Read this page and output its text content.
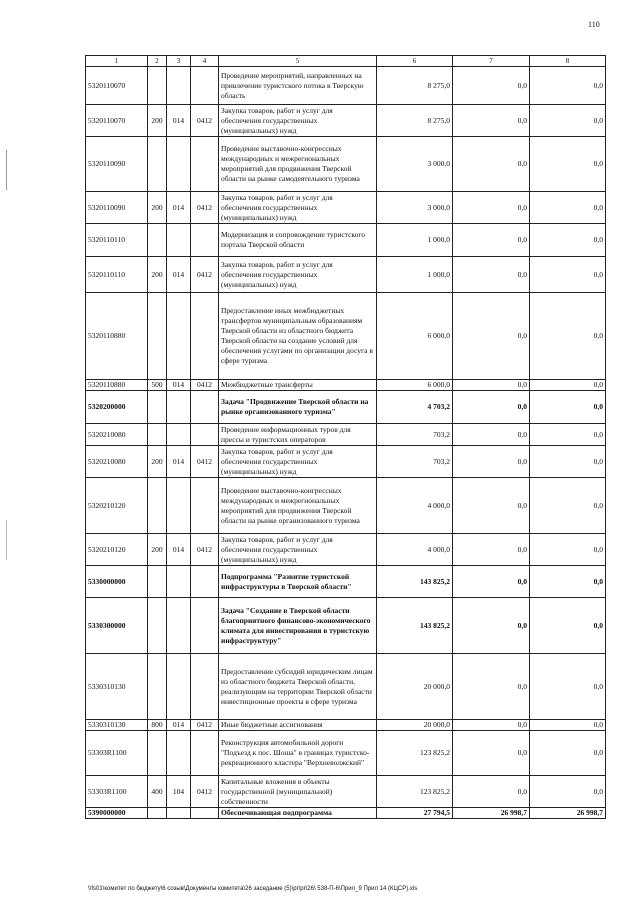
110
1	2	3	4	5	6	7	8
5320110070				Проведение мероприятий, направленных на привлечение туристского потока в Тверскую область	8 275,0	0,0	0,0
5320110070	200	014	0412	Закупка товаров, работ и услуг для обеспечения государственных (муниципальных) нужд	8 275,0	0,0	0,0
5320110090				Проведение выставочно-конгрессных международных и межрегиональных мероприятий для продвижения Тверской области на рынке самодеятельного туризма	3 000,0	0,0	0,0
5320110090	200	014	0412	Закупка товаров, работ и услуг для обеспечения государственных (муниципальных) нужд	3 000,0	0,0	0,0
5320110110				Модернизация и сопровождение туристского портала Тверской области	1 000,0	0,0	0,0
5320110110	200	014	0412	Закупка товаров, работ и услуг для обеспечения государственных (муниципальных) нужд	1 000,0	0,0	0,0
5320110880				Предоставление иных межбюджетных трансфертов муниципальным образованиям Тверской области из областного бюджета Тверской области на создание условий для обеспечения услугами по организации досуга в сфере туризма	6 000,0	0,0	0,0
5320110880	500	014	0412	Межбюджетные трансферты	6 000,0	0,0	0,0
5320200000				Задача "Продвижение Тверской области на рынке организованного туризма"	4 703,2	0,0	0,0
5320210080				Проведение информационных туров для прессы и туристских операторов	703,2	0,0	0,0
5320210080	200	014	0412	Закупка товаров, работ и услуг для обеспечения государственных (муниципальных) нужд	703,2	0,0	0,0
5320210120				Проведение выставочно-конгрессных международных и межрегиональных мероприятий для продвижения Тверской области на рынке организованного туризма	4 000,0	0,0	0,0
5320210120	200	014	0412	Закупка товаров, работ и услуг для обеспечения государственных (муниципальных) нужд	4 000,0	0,0	0,0
5330000000				Подпрограмма "Развитие туристской инфраструктуры в Тверской области"	143 825,2	0,0	0,0
5330300000				Задача "Создание в Тверской области благоприятного финансово-экономического климата для инвестирования в туристскую инфраструктуру"	143 825,2	0,0	0,0
5330310130				Предоставление субсидий юридическим лицам из областного бюджета Тверской области, реализующим на территории Тверской области инвестиционные проекты в сфере туризма	20 000,0	0,0	0,0
5330310130	800	014	0412	Иные бюджетные ассигнования	20 000,0	0,0	0,0
53303R1100				Реконструкция автомобильной дороги "Подъезд к пос. Шоша" в границах туристско-рекреационного кластера "Верхневолжский"	123 825,2	0,0	0,0
53303R1100	400	104	0412	Капитальные вложения в объекты государственной (муниципальной) собственности	123 825,2	0,0	0,0
5390000000				Обеспечивающая подпрограмма	27 794,5	26 998,7	26 998,7
\\fs01\комитет по бюджету\6 созыв\Документы комитета\26 заседание (5)\pr\pr\26\ 538-П-6\Прил_9 Прил 14 (КЦСР).xls
